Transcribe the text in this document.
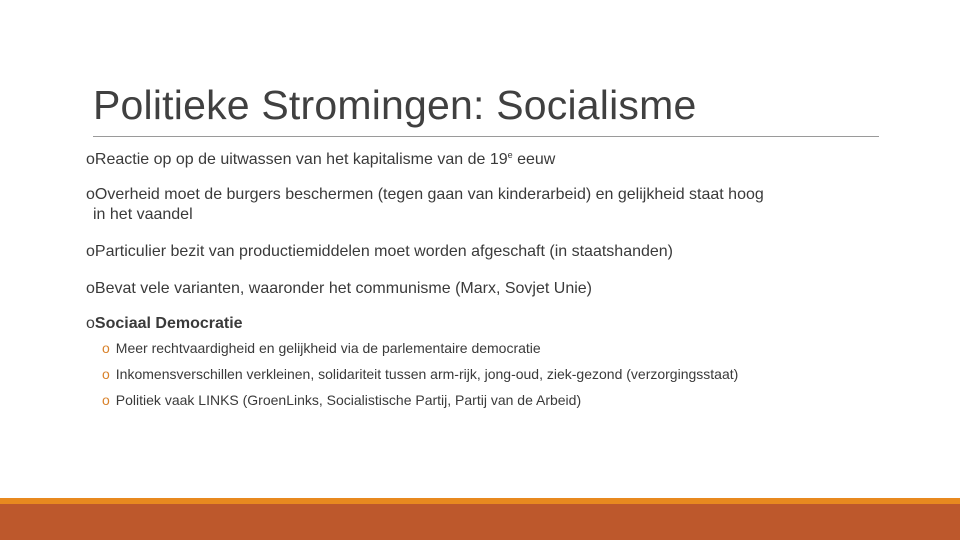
Politieke Stromingen: Socialisme
oReactie op op de uitwassen van het kapitalisme van de 19e eeuw
oOverheid moet de burgers beschermen (tegen gaan van kinderarbeid) en gelijkheid staat hoog
in het vaandel
oParticulier bezit van productiemiddelen moet worden afgeschaft (in staatshanden)
oBevat vele varianten, waaronder het communisme (Marx, Sovjet Unie)
oSociaal Democratie
o Meer rechtvaardigheid en gelijkheid via de parlementaire democratie
o Inkomensverschillen verkleinen, solidariteit tussen arm-rijk, jong-oud, ziek-gezond (verzorgingsstaat)
o Politiek vaak LINKS (GroenLinks, Socialistische Partij, Partij van de Arbeid)
